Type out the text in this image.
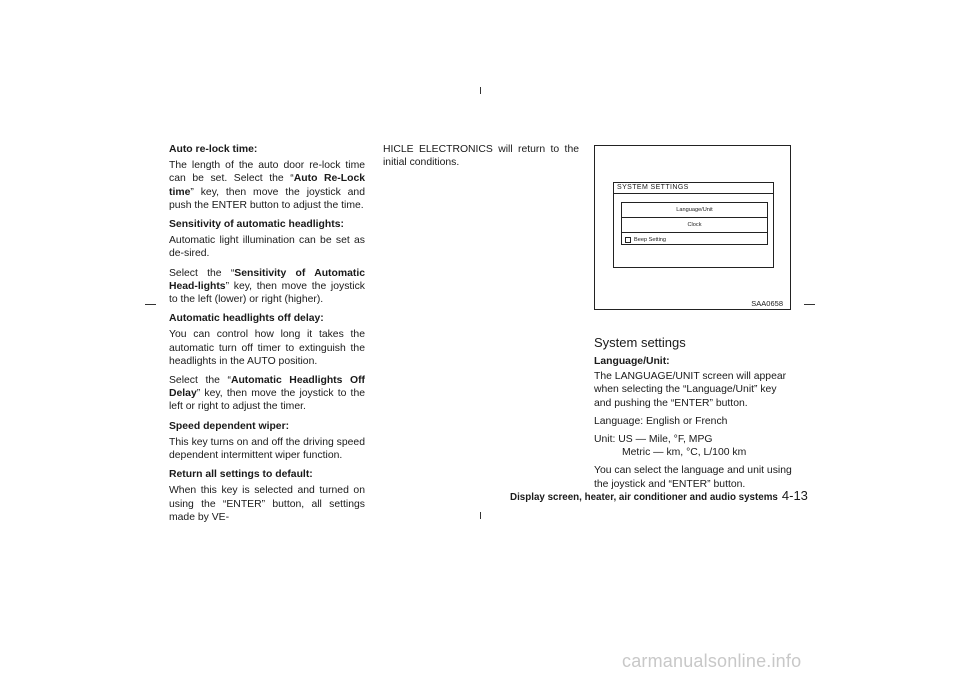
Auto re-lock time:

The length of the auto door re-lock time can be set. Select the “Auto Re-Lock time” key, then move the joystick and push the ENTER button to adjust the time.

Sensitivity of automatic headlights:

Automatic light illumination can be set as de-sired.

Select the “Sensitivity of Automatic Head-lights” key, then move the joystick to the left (lower) or right (higher).

Automatic headlights off delay:

You can control how long it takes the automatic turn off timer to extinguish the headlights in the AUTO position.

Select the “Automatic Headlights Off Delay” key, then move the joystick to the left or right to adjust the timer.

Speed dependent wiper:

This key turns on and off the driving speed dependent intermittent wiper function.

Return all settings to default:

When this key is selected and turned on using the “ENTER” button, all settings made by VE-

HICLE ELECTRONICS will return to the initial conditions.

SYSTEM SETTINGS
Language/Unit
Clock
Beep Setting
SAA0658

System settings

Language/Unit:

The LANGUAGE/UNIT screen will appear when selecting the “Language/Unit” key and pushing the “ENTER” button.

Language: English or French

Unit: US — Mile, °F, MPG
Metric — km, °C, L/100 km

You can select the language and unit using the joystick and “ENTER” button.

Display screen, heater, air conditioner and audio systems 4-13
carmanualsonline.info
